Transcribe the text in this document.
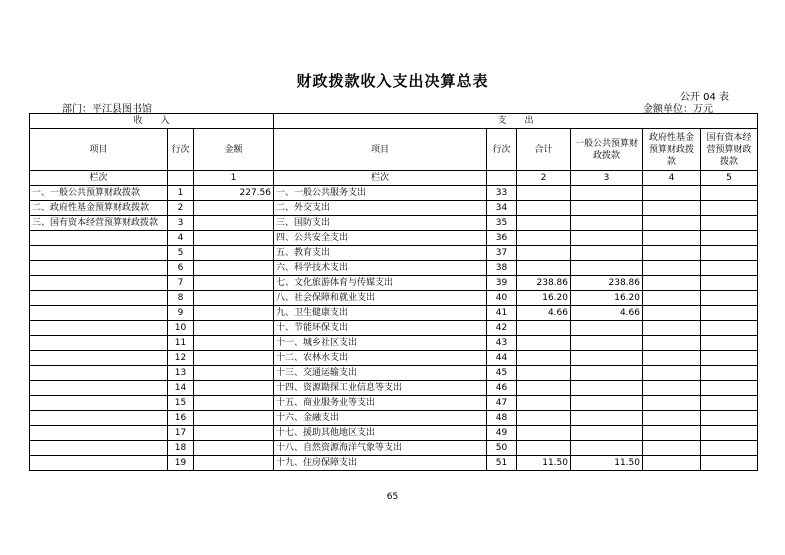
财政拨款收入支出决算总表
公开 04 表
部门：平江县图书馆	金额单位：万元
收　　入			支　　出					
项目	行次	金额	项目	行次	合计	一般公共预算财政拨款	政府性基金预算财政拨款	国有资本经营预算财政拨款
栏次		1	栏次		2	3	4	5
一、一般公共预算财政拨款	1	227.56	一、一般公共服务支出	33				
二、政府性基金预算财政拨款	2		二、外交支出	34				
三、国有资本经营预算财政拨款	3		三、国防支出	35				
	4		四、公共安全支出	36				
	5		五、教育支出	37				
	6		六、科学技术支出	38				
	7		七、文化旅游体育与传媒支出	39	238.86	238.86		
	8		八、社会保障和就业支出	40	16.20	16.20		
	9		九、卫生健康支出	41	4.66	4.66		
	10		十、节能环保支出	42				
	11		十一、城乡社区支出	43				
	12		十二、农林水支出	44				
	13		十三、交通运输支出	45				
	14		十四、资源勘探工业信息等支出	46				
	15		十五、商业服务业等支出	47				
	16		十六、金融支出	48				
	17		十七、援助其他地区支出	49				
	18		十八、自然资源海洋气象等支出	50				
	19		十九、住房保障支出	51	11.50	11.50		
65
